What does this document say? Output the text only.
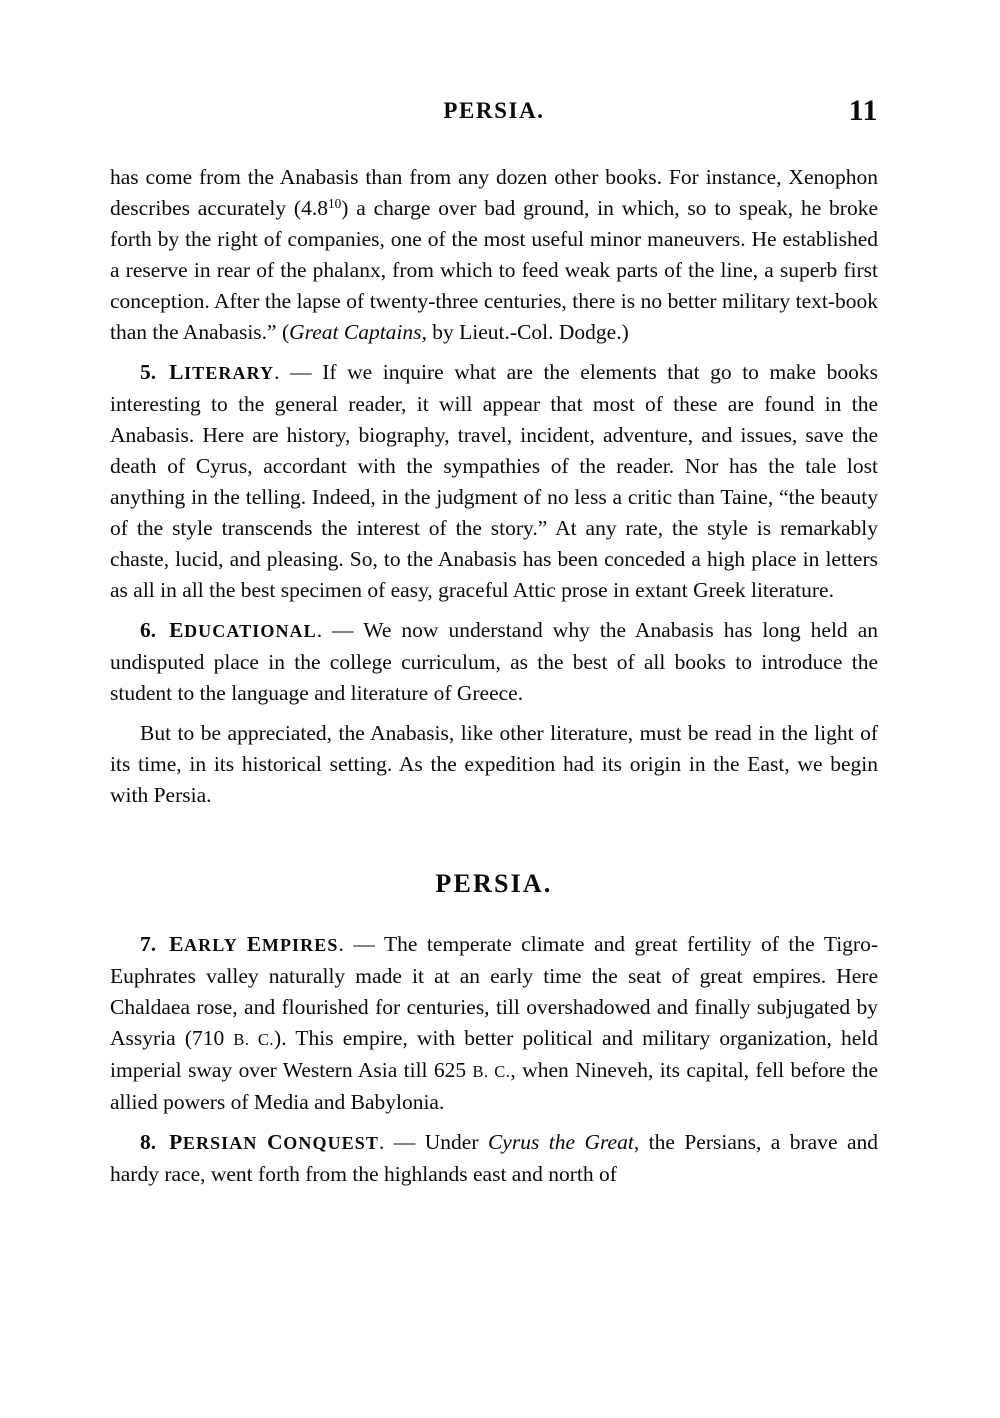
PERSIA.	11

has come from the Anabasis than from any dozen other books. For instance, Xenophon describes accurately (4.8$^{10}$) a charge over bad ground, in which, so to speak, he broke forth by the right of companies, one of the most useful minor maneuvers. He established a reserve in rear of the phalanx, from which to feed weak parts of the line, a superb first conception. After the lapse of twenty-three centuries, there is no better military text-book than the Anabasis.” (Great Captains, by Lieut.-Col. Dodge.)

5. LITERARY. — If we inquire what are the elements that go to make books interesting to the general reader, it will appear that most of these are found in the Anabasis. Here are history, biography, travel, incident, adventure, and issues, save the death of Cyrus, accordant with the sympathies of the reader. Nor has the tale lost anything in the telling. Indeed, in the judgment of no less a critic than Taine, “the beauty of the style transcends the interest of the story.” At any rate, the style is remarkably chaste, lucid, and pleasing. So, to the Anabasis has been conceded a high place in letters as all in all the best specimen of easy, graceful Attic prose in extant Greek literature.

6. EDUCATIONAL. — We now understand why the Anabasis has long held an undisputed place in the college curriculum, as the best of all books to introduce the student to the language and literature of Greece.

But to be appreciated, the Anabasis, like other literature, must be read in the light of its time, in its historical setting. As the expedition had its origin in the East, we begin with Persia.

PERSIA.

7. EARLY EMPIRES. — The temperate climate and great fertility of the Tigro-Euphrates valley naturally made it at an early time the seat of great empires. Here Chaldaea rose, and flourished for centuries, till overshadowed and finally subjugated by Assyria (710 B. C.). This empire, with better political and military organization, held imperial sway over Western Asia till 625 B. C., when Nineveh, its capital, fell before the allied powers of Media and Babylonia.

8. PERSIAN CONQUEST. — Under Cyrus the Great, the Persians, a brave and hardy race, went forth from the highlands east and north of
